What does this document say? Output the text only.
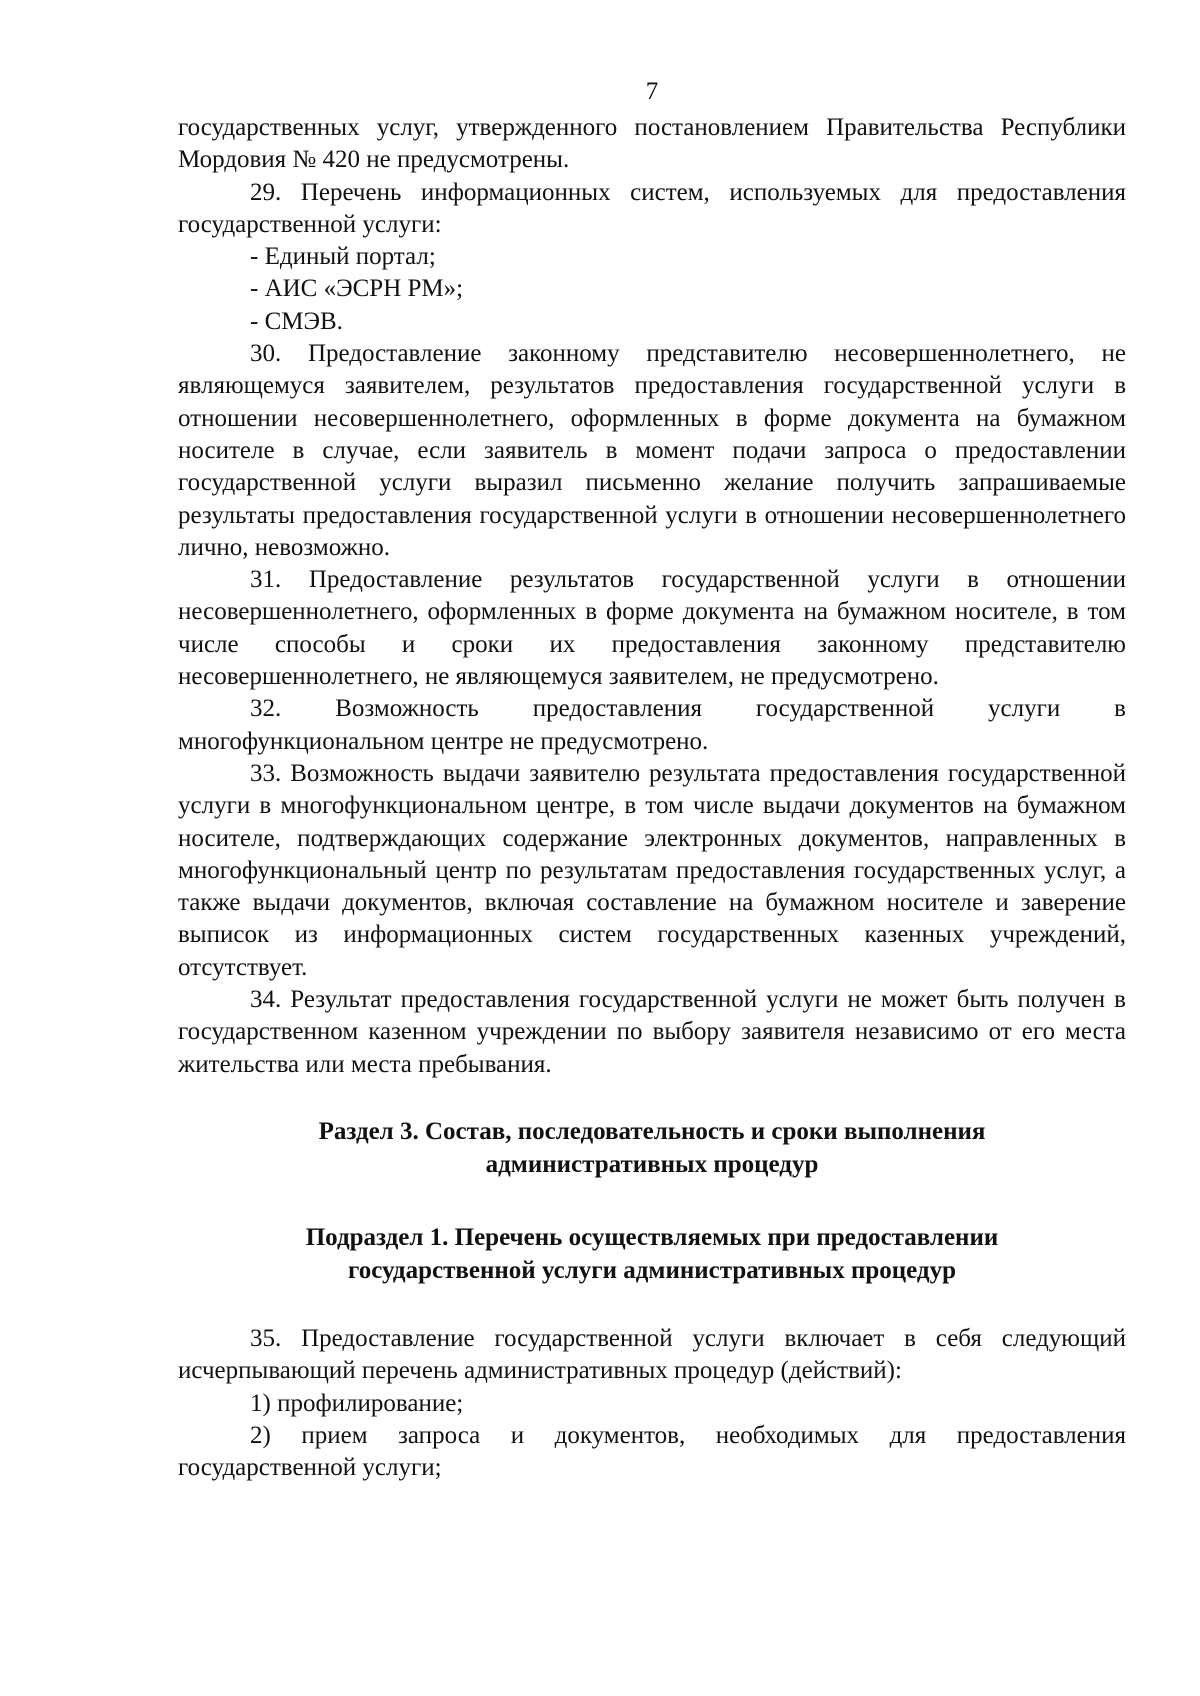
7

государственных услуг, утвержденного постановлением Правительства Республики Мордовия № 420 не предусмотрены.

29. Перечень информационных систем, используемых для предоставления государственной услуги:

- Единый портал;

- АИС «ЭСРН РМ»;

- СМЭВ.

30. Предоставление законному представителю несовершеннолетнего, не являющемуся заявителем, результатов предоставления государственной услуги в отношении несовершеннолетнего, оформленных в форме документа на бумажном носителе в случае, если заявитель в момент подачи запроса о предоставлении государственной услуги выразил письменно желание получить запрашиваемые результаты предоставления государственной услуги в отношении несовершеннолетнего лично, невозможно.

31. Предоставление результатов государственной услуги в отношении несовершеннолетнего, оформленных в форме документа на бумажном носителе, в том числе способы и сроки их предоставления законному представителю несовершеннолетнего, не являющемуся заявителем, не предусмотрено.

32. Возможность предоставления государственной услуги в многофункциональном центре не предусмотрено.

33. Возможность выдачи заявителю результата предоставления государственной услуги в многофункциональном центре, в том числе выдачи документов на бумажном носителе, подтверждающих содержание электронных документов, направленных в многофункциональный центр по результатам предоставления государственных услуг, а также выдачи документов, включая составление на бумажном носителе и заверение выписок из информационных систем государственных казенных учреждений, отсутствует.

34. Результат предоставления государственной услуги не может быть получен в государственном казенном учреждении по выбору заявителя независимо от его места жительства или места пребывания.

Раздел 3. Состав, последовательность и сроки выполнения
административных процедур
Подраздел 1. Перечень осуществляемых при предоставлении
государственной услуги административных процедур

35. Предоставление государственной услуги включает в себя следующий исчерпывающий перечень административных процедур (действий):

1) профилирование;

2) прием запроса и документов, необходимых для предоставления государственной услуги;
